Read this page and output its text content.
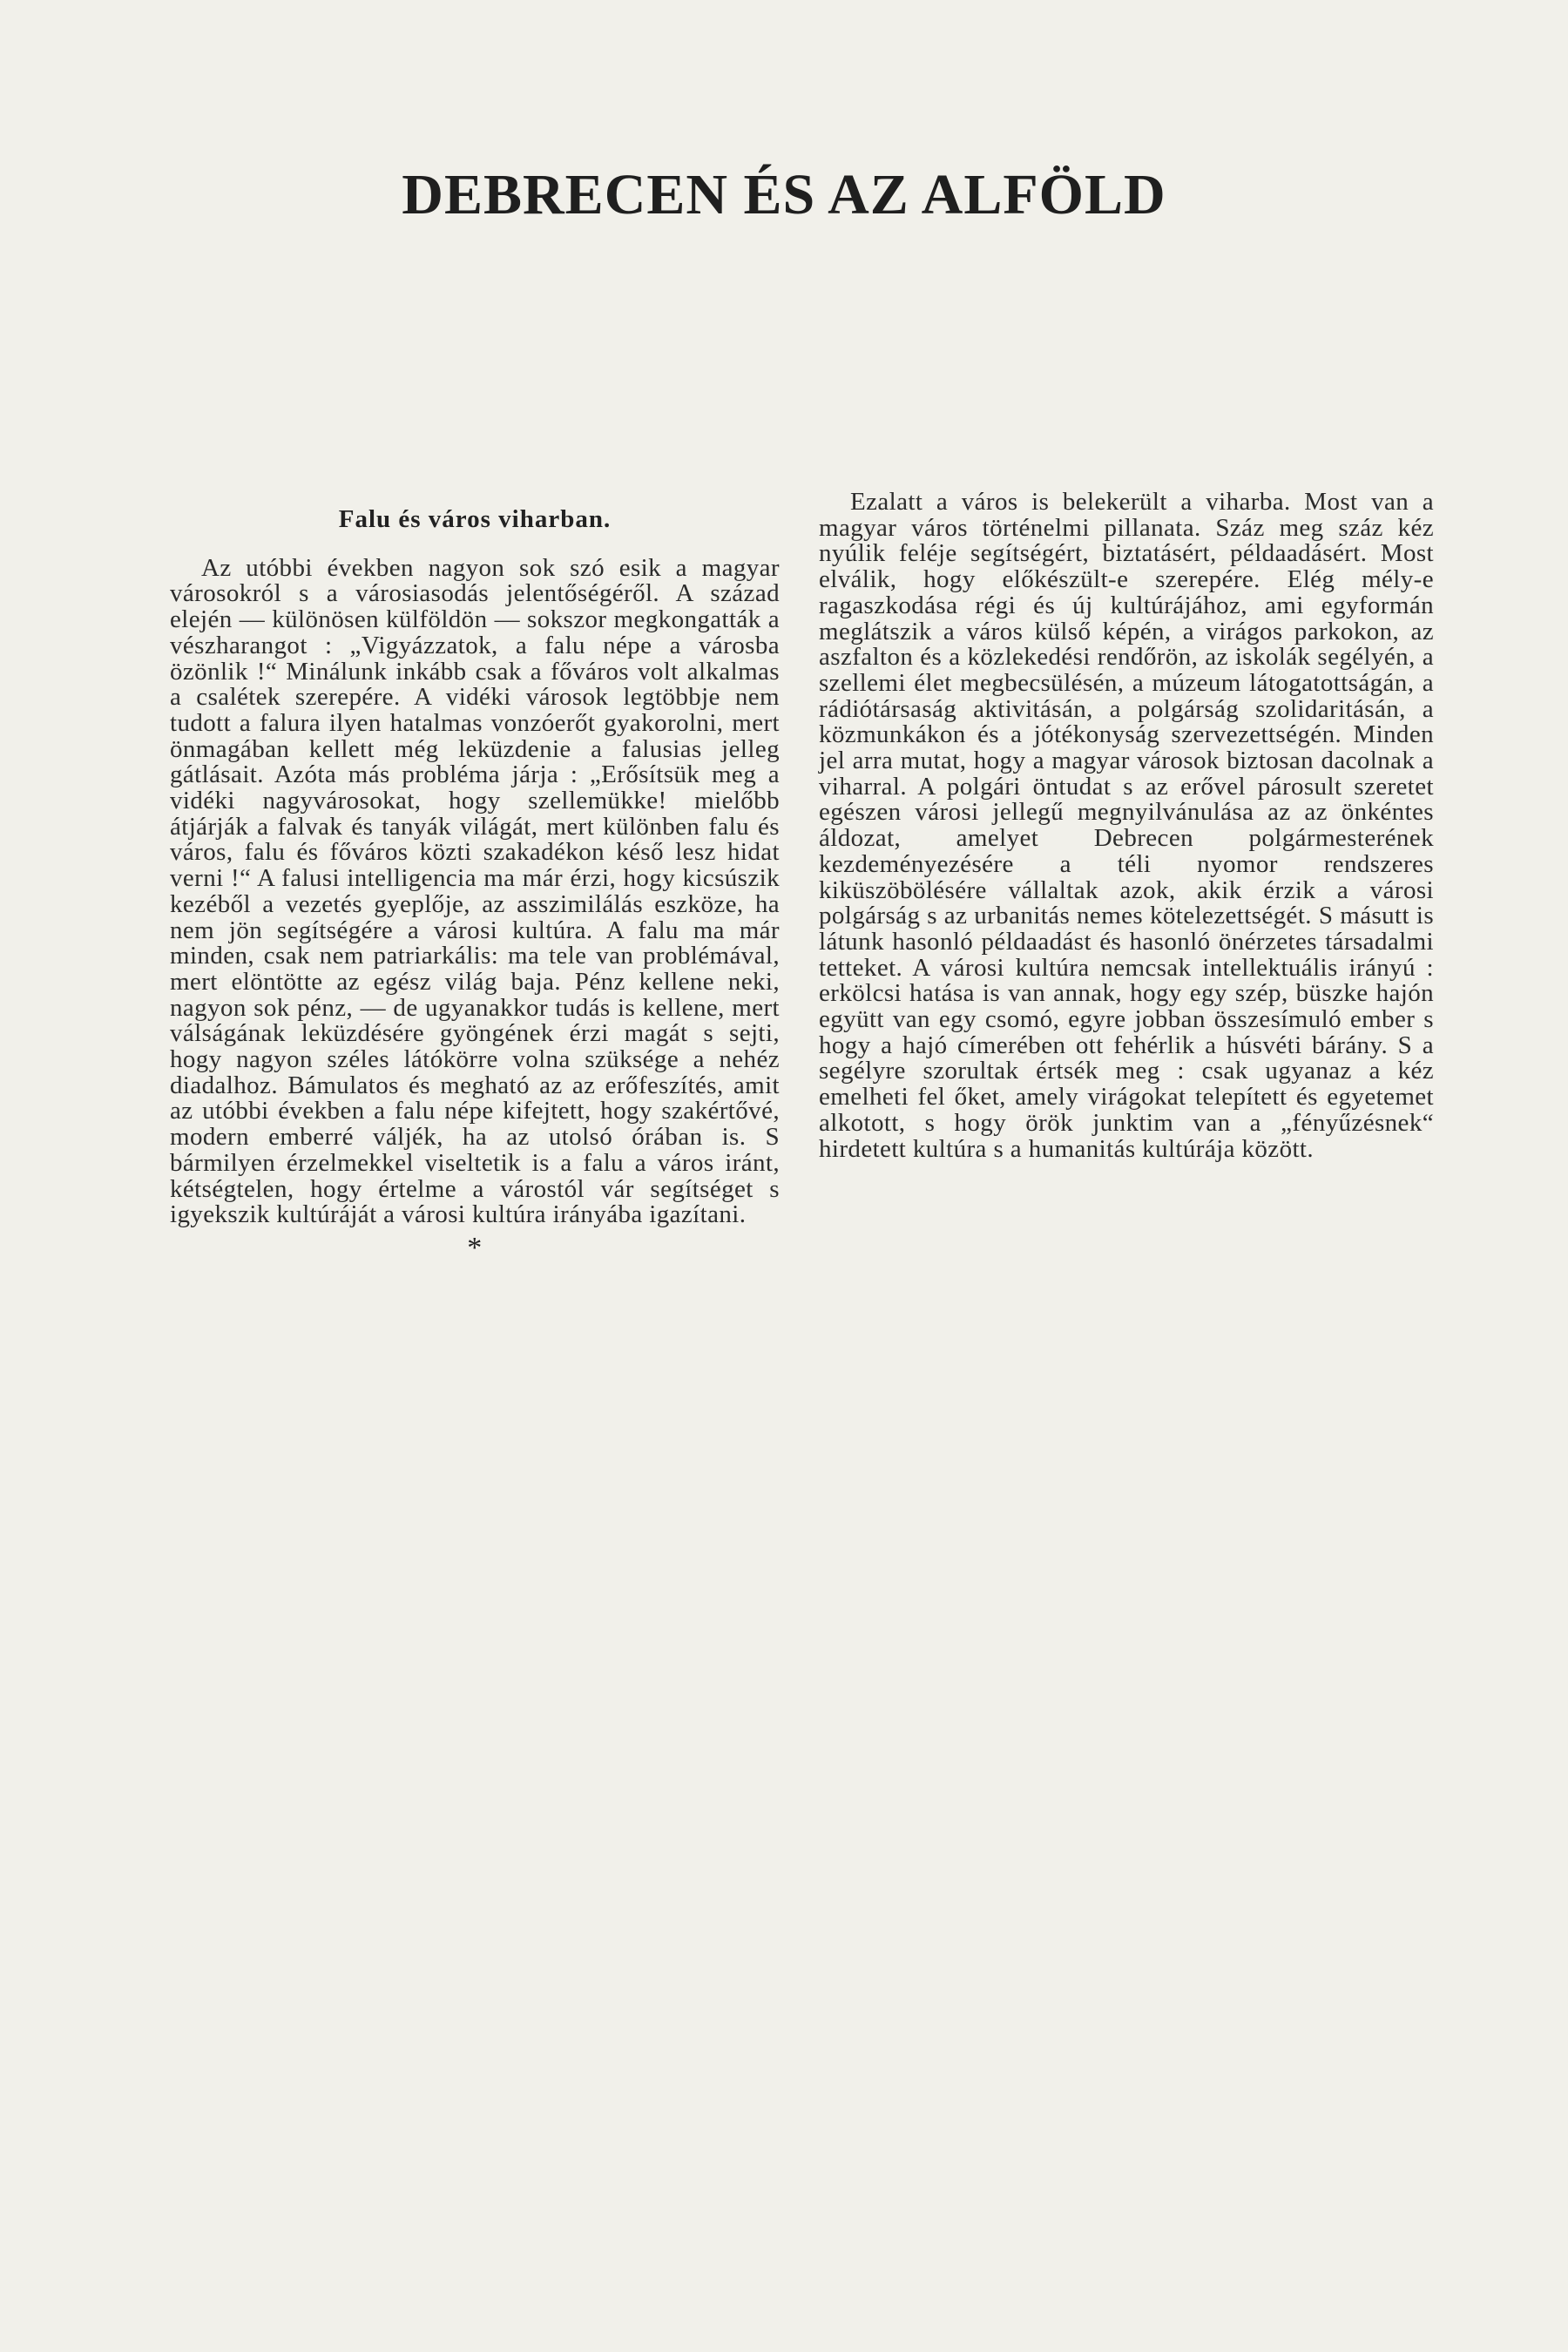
DEBRECEN ÉS AZ ALFÖLD
Falu és város viharban.

Az utóbbi években nagyon sok szó esik a magyar városokról s a városiasodás jelentőségéről. A század elején — különösen külföldön — sokszor megkongatták a vészharangot : „Vigyázzatok, a falu népe a városba özönlik !“ Minálunk inkább csak a főváros volt alkalmas a csalétek szerepére. A vidéki városok legtöbbje nem tudott a falura ilyen hatalmas vonzóerőt gyakorolni, mert önmagában kellett még leküzdenie a falusias jelleg gátlásait. Azóta más probléma járja : „Erősítsük meg a vidéki nagyvárosokat, hogy szellemükke! mielőbb átjárják a falvak és tanyák világát, mert különben falu és város, falu és főváros közti szakadékon késő lesz hidat verni !“ A falusi intelligencia ma már érzi, hogy kicsúszik kezéből a vezetés gyeplője, az asszimilálás eszköze, ha nem jön segítségére a városi kultúra. A falu ma már minden, csak nem patriarkális: ma tele van problémával, mert elöntötte az egész világ baja. Pénz kellene neki, nagyon sok pénz, — de ugyanakkor tudás is kellene, mert válságának leküzdésére gyöngének érzi magát s sejti, hogy nagyon széles látókörre volna szüksége a nehéz diadalhoz. Bámulatos és megható az az erőfeszítés, amit az utóbbi években a falu népe kifejtett, hogy szakértővé, modern emberré váljék, ha az utolsó órában is. S bármilyen érzelmekkel viseltetik is a falu a város iránt, kétségtelen, hogy értelme a várostól vár segítséget s igyekszik kultúráját a városi kultúra irányába igazítani.

*

Ezalatt a város is belekerült a viharba. Most van a magyar város történelmi pillanata. Száz meg száz kéz nyúlik feléje segítségért, biztatásért, példaadásért. Most elválik, hogy előkészült-e szerepére. Elég mély-e ragaszkodása régi és új kultúrájához, ami egyformán meglátszik a város külső képén, a virágos parkokon, az aszfalton és a közlekedési rendőrön, az iskolák segélyén, a szellemi élet megbecsülésén, a múzeum látogatottságán, a rádiótársaság aktivitásán, a polgárság szolidaritásán, a közmunkákon és a jótékonyság szervezettségén. Minden jel arra mutat, hogy a magyar városok biztosan dacolnak a viharral. A polgári öntudat s az erővel párosult szeretet egészen városi jellegű megnyilvánulása az az önkéntes áldozat, amelyet Debrecen polgármesterének kezdeményezésére a téli nyomor rendszeres kiküszöbölésére vállaltak azok, akik érzik a városi polgárság s az urbanitás nemes kötelezettségét. S másutt is látunk hasonló példaadást és hasonló önérzetes társadalmi tetteket. A városi kultúra nemcsak intellektuális irányú : erkölcsi hatása is van annak, hogy egy szép, büszke hajón együtt van egy csomó, egyre jobban összesímuló ember s hogy a hajó címerében ott fehérlik a húsvéti bárány. S a segélyre szorultak értsék meg : csak ugyanaz a kéz emelheti fel őket, amely virágokat telepített és egyetemet alkotott, s hogy örök junktim van a „fényűzésnek“ hirdetett kultúra s a humanitás kultúrája között.
